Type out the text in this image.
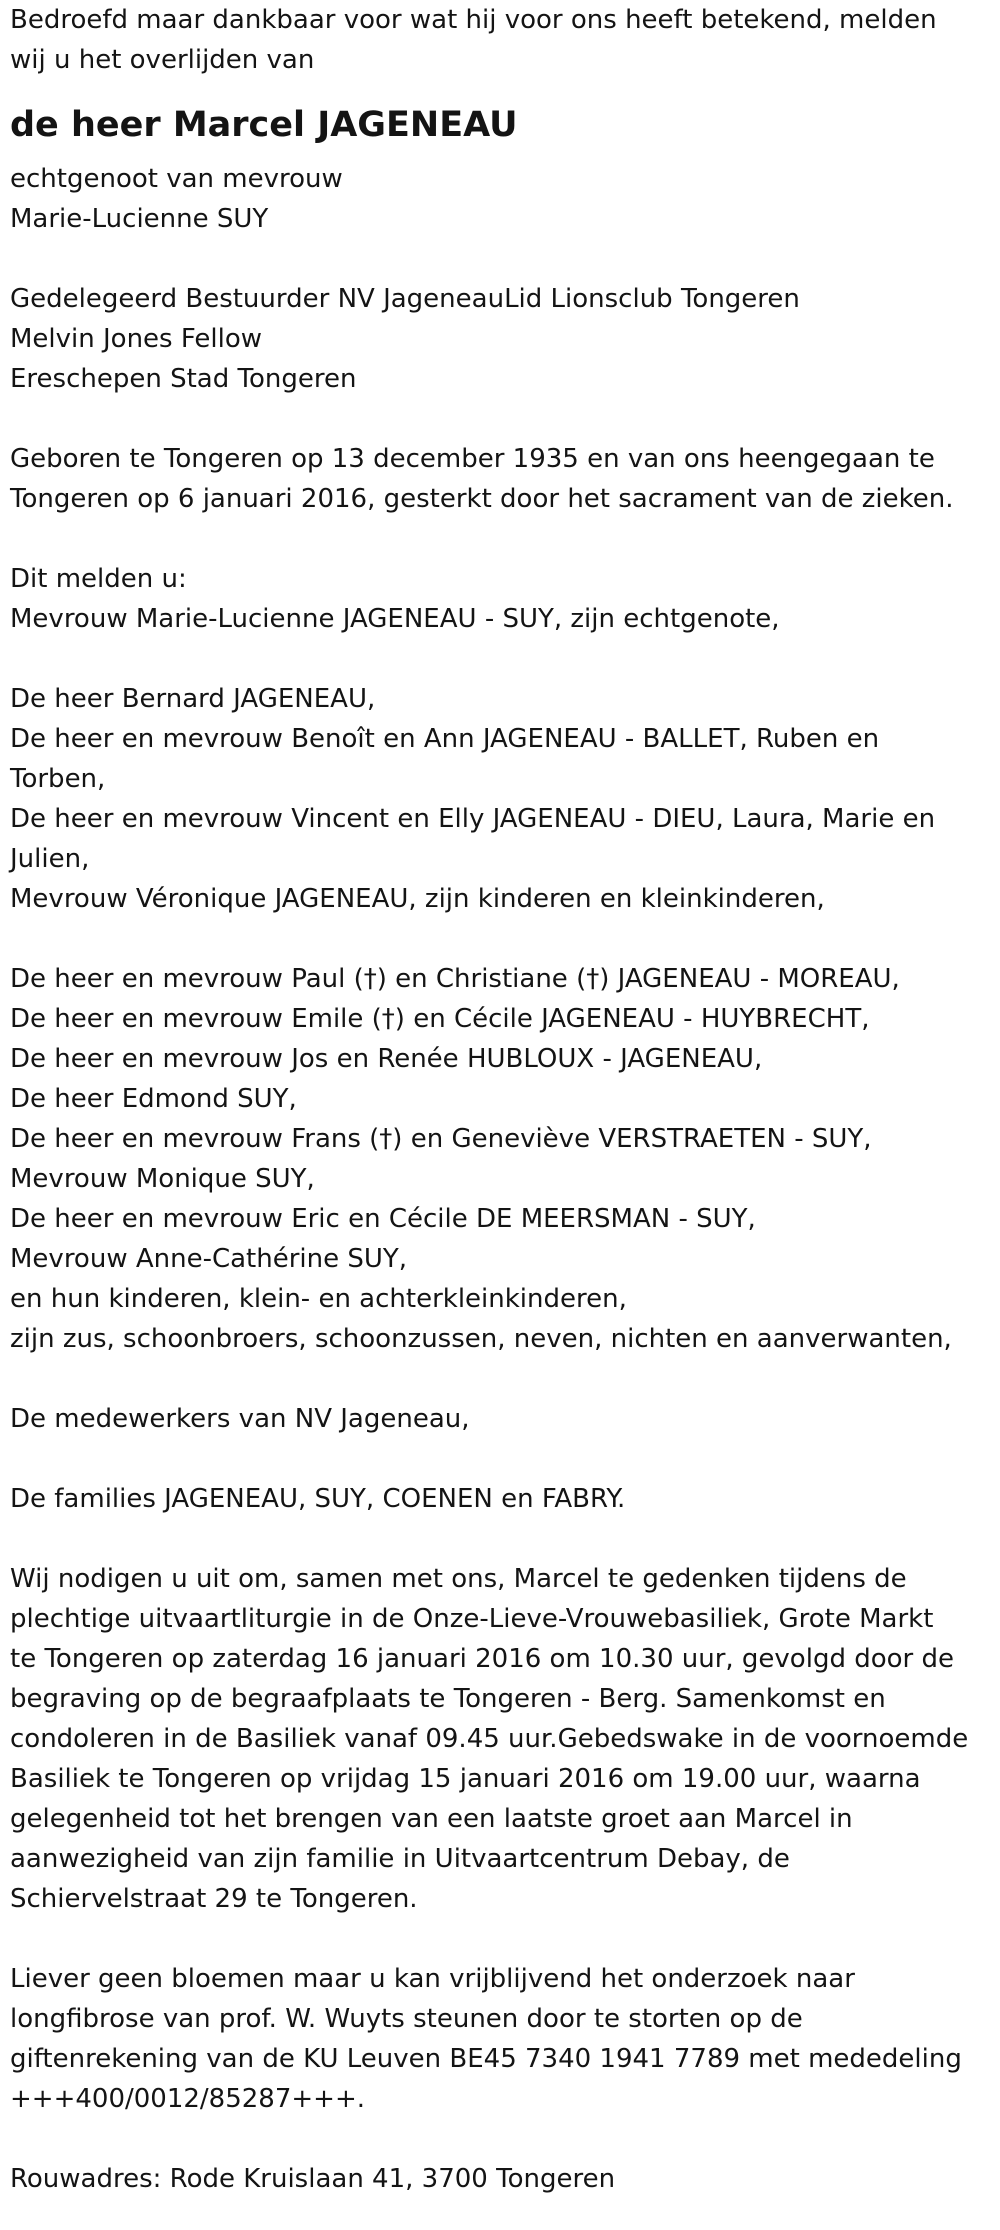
Bedroefd maar dankbaar voor wat hij voor ons heeft betekend, melden
wij u het overlijden van
de heer Marcel JAGENEAU
echtgenoot van mevrouw
Marie-Lucienne SUY
Gedelegeerd Bestuurder NV JageneauLid Lionsclub Tongeren
Melvin Jones Fellow
Ereschepen Stad Tongeren
Geboren te Tongeren op 13 december 1935 en van ons heengegaan te
Tongeren op 6 januari 2016, gesterkt door het sacrament van de zieken.
Dit melden u:
Mevrouw Marie-Lucienne JAGENEAU - SUY, zijn echtgenote,
De heer Bernard JAGENEAU,
De heer en mevrouw Benoît en Ann JAGENEAU - BALLET, Ruben en
Torben,
De heer en mevrouw Vincent en Elly JAGENEAU - DIEU, Laura, Marie en
Julien,
Mevrouw Véronique JAGENEAU, zijn kinderen en kleinkinderen,
De heer en mevrouw Paul (†) en Christiane (†) JAGENEAU - MOREAU,
De heer en mevrouw Emile (†) en Cécile JAGENEAU - HUYBRECHT,
De heer en mevrouw Jos en Renée HUBLOUX - JAGENEAU,
De heer Edmond SUY,
De heer en mevrouw Frans (†) en Geneviève VERSTRAETEN - SUY,
Mevrouw Monique SUY,
De heer en mevrouw Eric en Cécile DE MEERSMAN - SUY,
Mevrouw Anne-Cathérine SUY,
en hun kinderen, klein- en achterkleinkinderen,
zijn zus, schoonbroers, schoonzussen, neven, nichten en aanverwanten,
De medewerkers van NV Jageneau,
De families JAGENEAU, SUY, COENEN en FABRY.
Wij nodigen u uit om, samen met ons, Marcel te gedenken tijdens de
plechtige uitvaartliturgie in de Onze-Lieve-Vrouwebasiliek, Grote Markt
te Tongeren op zaterdag 16 januari 2016 om 10.30 uur, gevolgd door de
begraving op de begraafplaats te Tongeren - Berg. Samenkomst en
condoleren in de Basiliek vanaf 09.45 uur.Gebedswake in de voornoemde
Basiliek te Tongeren op vrijdag 15 januari 2016 om 19.00 uur, waarna
gelegenheid tot het brengen van een laatste groet aan Marcel in
aanwezigheid van zijn familie in Uitvaartcentrum Debay, de
Schiervelstraat 29 te Tongeren.
Liever geen bloemen maar u kan vrijblijvend het onderzoek naar
longfibrose van prof. W. Wuyts steunen door te storten op de
giftenrekening van de KU Leuven BE45 7340 1941 7789 met mededeling
+++400/0012/85287+++.
Rouwadres: Rode Kruislaan 41, 3700 Tongeren
